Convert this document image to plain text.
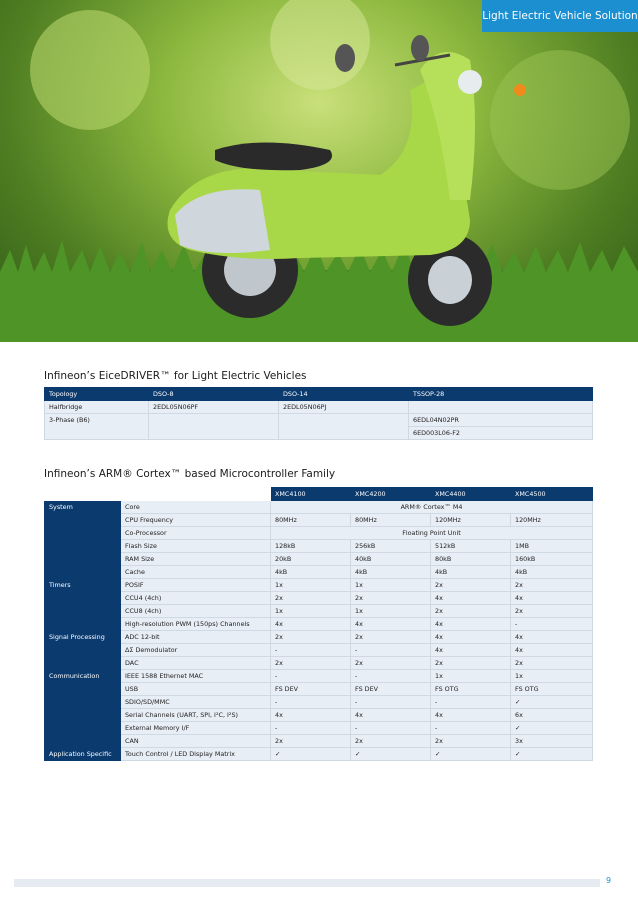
Light Electric Vehicle Solution
Infineon’s EiceDRIVER™ for Light Electric Vehicles
Topology	DSO-8	DSO-14	TSSOP-28
Halfbridge	2EDL05N06PF	2EDL05N06PJ	
3-Phase (B6)			6EDL04N02PR
			6ED003L06-F2
Infineon’s ARM® Cortex™ based Microcontroller Family
		XMC4100	XMC4200	XMC4400	XMC4500
System	Core	ARM® Cortex™ M4			
	CPU Frequency	80MHz	80MHz	120MHz	120MHz
	Co-Processor	Floating Point Unit			
	Flash Size	128kB	256kB	512kB	1MB
	RAM Size	20kB	40kB	80kB	160kB
	Cache	4kB	4kB	4kB	4kB
Timers	POSIF	1x	1x	2x	2x
	CCU4 (4ch)	2x	2x	4x	4x
	CCU8 (4ch)	1x	1x	2x	2x
	High-resolution PWM (150ps) Channels	4x	4x	4x	-
Signal Processing	ADC 12-bit	2x	2x	4x	4x
	ΔΣ Demodulator	-	-	4x	4x
	DAC	2x	2x	2x	2x
Communication	IEEE 1588 Ethernet MAC	-	-	1x	1x
	USB	FS DEV	FS DEV	FS OTG	FS OTG
	SDIO/SD/MMC	-	-	-	✓
	Serial Channels (UART, SPI, I²C, I²S)	4x	4x	4x	6x
	External Memory I/F	-	-	-	✓
	CAN	2x	2x	2x	3x
Application Specific	Touch Control / LED Display Matrix	✓	✓	✓	✓
9
